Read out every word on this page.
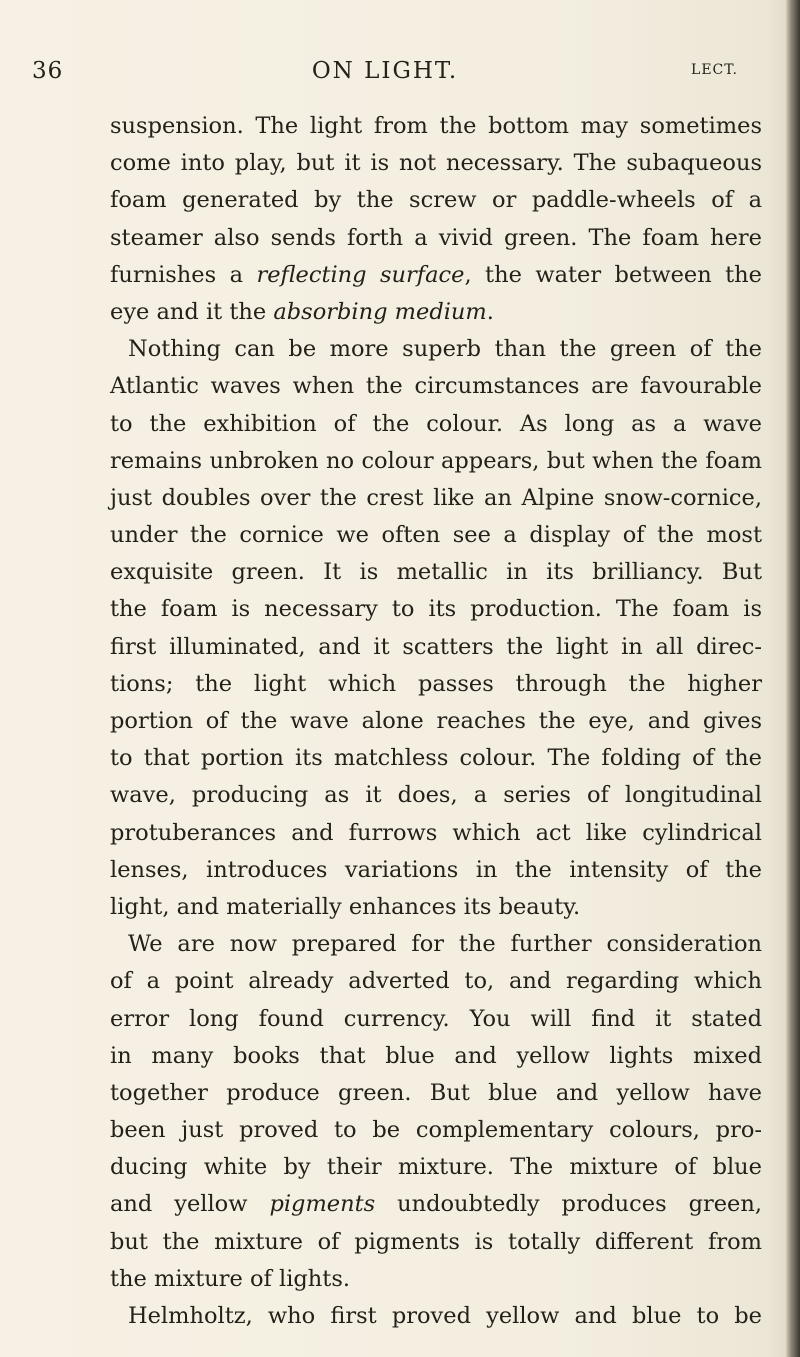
36	ON LIGHT.	LECT.
suspension. The light from the bottom may sometimes
come into play, but it is not necessary. The subaqueous
foam generated by the screw or paddle-wheels of a
steamer also sends forth a vivid green. The foam here
furnishes a reflecting surface, the water between the
eye and it the absorbing medium.
Nothing can be more superb than the green of the
Atlantic waves when the circumstances are favourable
to the exhibition of the colour. As long as a wave
remains unbroken no colour appears, but when the foam
just doubles over the crest like an Alpine snow-cornice,
under the cornice we often see a display of the most
exquisite green. It is metallic in its brilliancy. But
the foam is necessary to its production. The foam is
first illuminated, and it scatters the light in all direc-
tions; the light which passes through the higher
portion of the wave alone reaches the eye, and gives
to that portion its matchless colour. The folding of the
wave, producing as it does, a series of longitudinal
protuberances and furrows which act like cylindrical
lenses, introduces variations in the intensity of the
light, and materially enhances its beauty.
We are now prepared for the further consideration
of a point already adverted to, and regarding which
error long found currency. You will find it stated
in many books that blue and yellow lights mixed
together produce green. But blue and yellow have
been just proved to be complementary colours, pro-
ducing white by their mixture. The mixture of blue
and yellow pigments undoubtedly produces green,
but the mixture of pigments is totally different from
the mixture of lights.
Helmholtz, who first proved yellow and blue to be
